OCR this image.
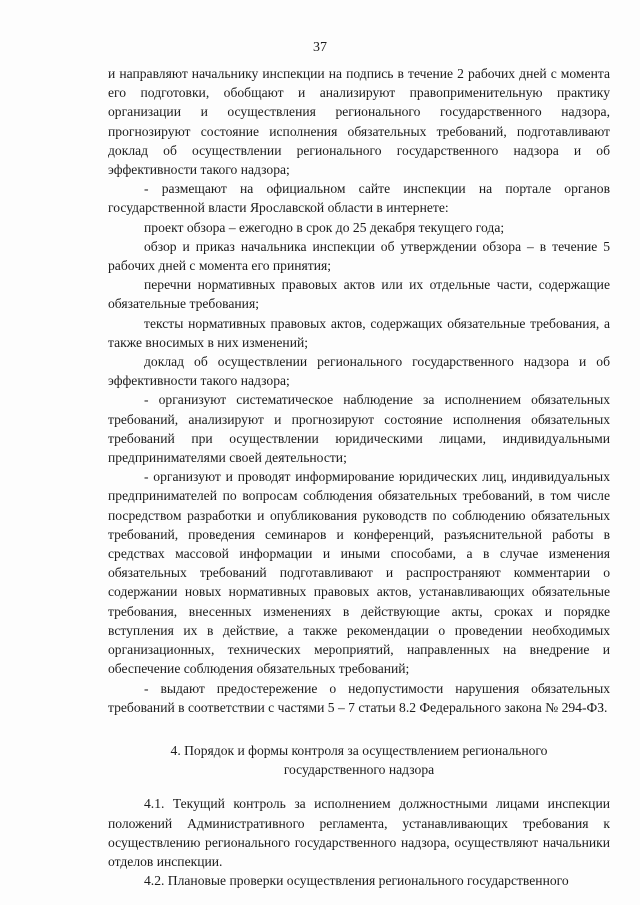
37

и направляют начальнику инспекции на подпись в течение 2 рабочих дней с момента его подготовки, обобщают и анализируют правоприменительную практику организации и осуществления регионального государственного надзора, прогнозируют состояние исполнения обязательных требований, подготавливают доклад об осуществлении регионального государственного надзора и об эффективности такого надзора;

- размещают на официальном сайте инспекции на портале органов государственной власти Ярославской области в интернете:

проект обзора – ежегодно в срок до 25 декабря текущего года;

обзор и приказ начальника инспекции об утверждении обзора – в течение 5 рабочих дней с момента его принятия;

перечни нормативных правовых актов или их отдельные части, содержащие обязательные требования;

тексты нормативных правовых актов, содержащих обязательные требования, а также вносимых в них изменений;

доклад об осуществлении регионального государственного надзора и об эффективности такого надзора;

- организуют систематическое наблюдение за исполнением обязательных требований, анализируют и прогнозируют состояние исполнения обязательных требований при осуществлении юридическими лицами, индивидуальными предпринимателями своей деятельности;

- организуют и проводят информирование юридических лиц, индивидуальных предпринимателей по вопросам соблюдения обязательных требований, в том числе посредством разработки и опубликования руководств по соблюдению обязательных требований, проведения семинаров и конференций, разъяснительной работы в средствах массовой информации и иными способами, а в случае изменения обязательных требований подготавливают и распространяют комментарии о содержании новых нормативных правовых актов, устанавливающих обязательные требования, внесенных изменениях в действующие акты, сроках и порядке вступления их в действие, а также рекомендации о проведении необходимых организационных, технических мероприятий, направленных на внедрение и обеспечение соблюдения обязательных требований;

- выдают предостережение о недопустимости нарушения обязательных требований в соответствии с частями 5 – 7 статьи 8.2 Федерального закона № 294-ФЗ.

4. Порядок и формы контроля за осуществлением регионального
государственного надзора

4.1. Текущий контроль за исполнением должностными лицами инспекции положений Административного регламента, устанавливающих требования к осуществлению регионального государственного надзора, осуществляют начальники отделов инспекции.

4.2. Плановые проверки осуществления регионального государственного
